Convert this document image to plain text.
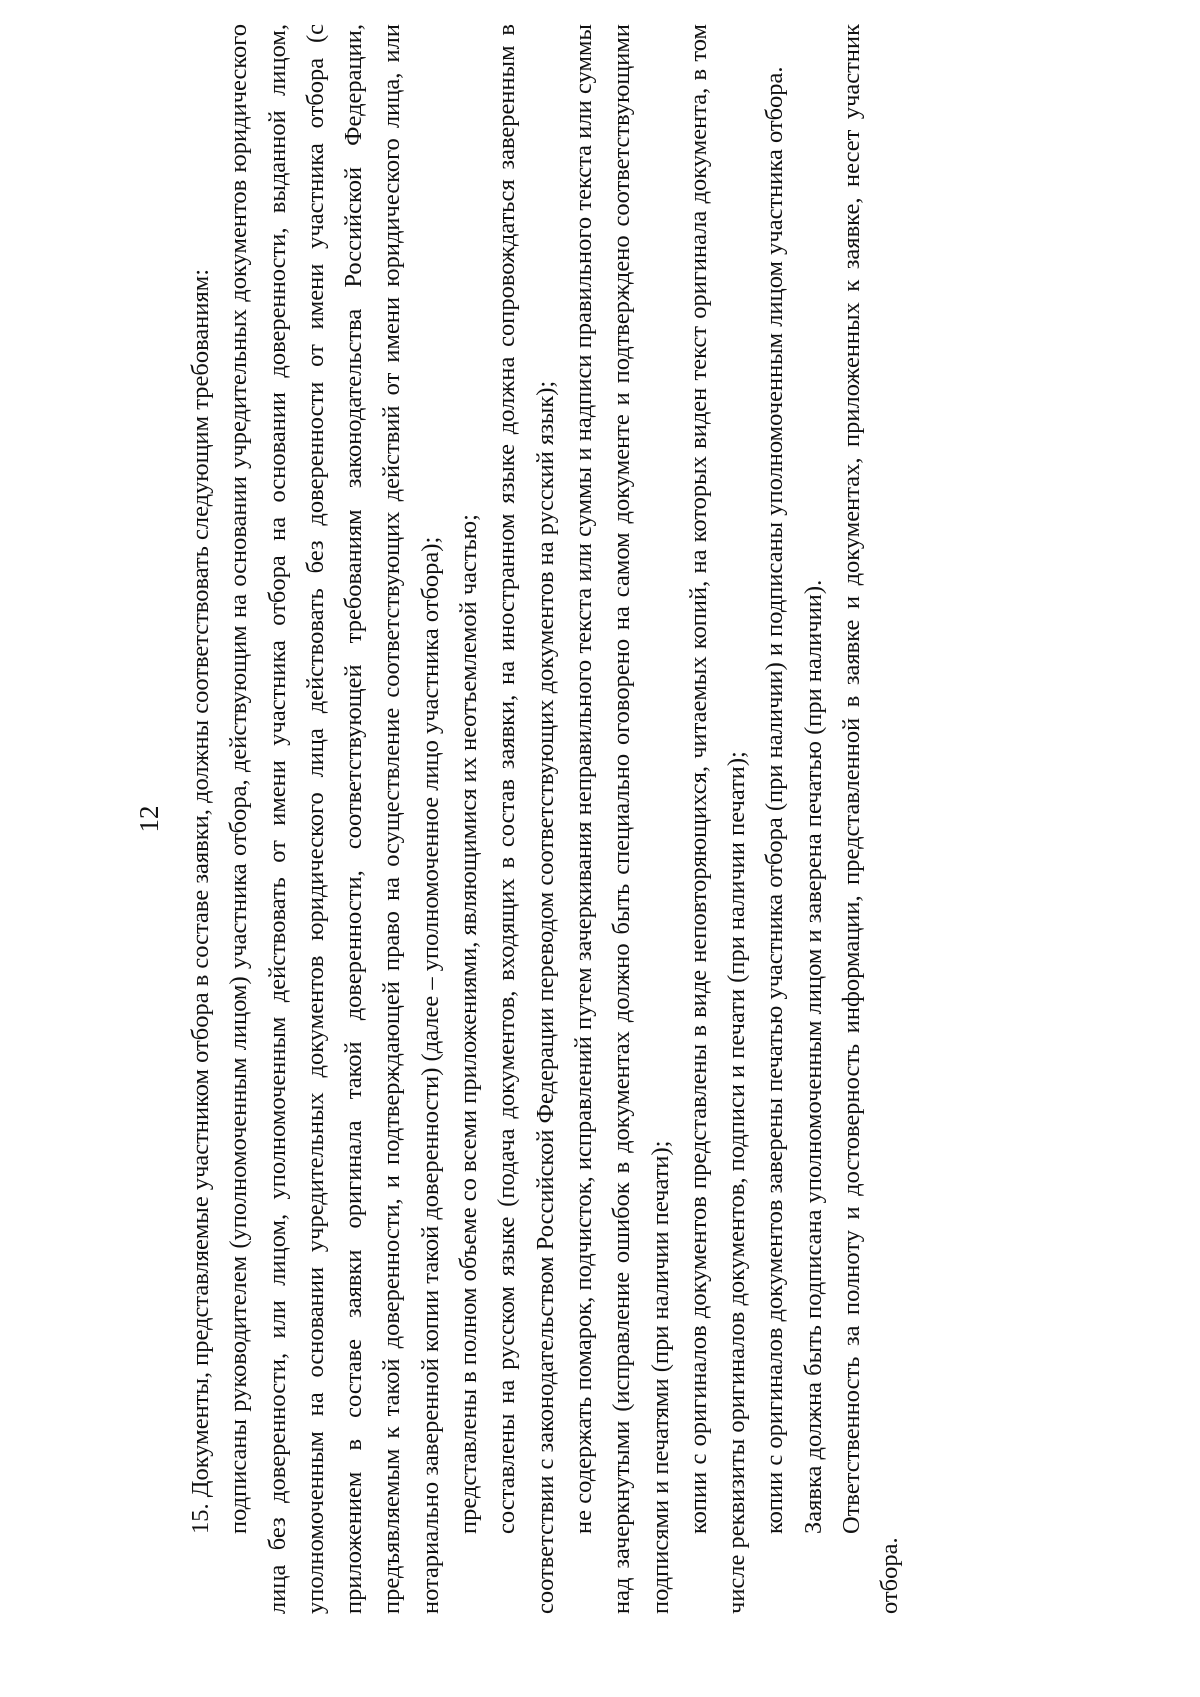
12 15. Документы, представляемые участником отбора в составе заявки, должны соответствовать следующим требованиям: подписаны руководителем (уполномоченным лицом) участника отбора, действующим на основании учредительных документов юридического лица без доверенности, или лицом, уполномоченным действовать от имени участника отбора на основании доверенности, выданной лицом, уполномоченным на основании учредительных документов юридического лица действовать без доверенности от имени участника отбора (с приложением в составе заявки оригинала такой доверенности, соответствующей требованиям законодательства Российской Федерации, предъявляемым к такой доверенности, и подтверждающей право на осуществление соответствующих действий от имени юридического лица, или нотариально заверенной копии такой доверенности) (далее – уполномоченное лицо участника отбора); представлены в полном объеме со всеми приложениями, являющимися их неотъемлемой частью; составлены на русском языке (подача документов, входящих в состав заявки, на иностранном языке должна сопровождаться заверенным в соответствии с законодательством Российской Федерации переводом соответствующих документов на русский язык); не содержать помарок, подчисток, исправлений путем зачеркивания неправильного текста или суммы и надписи правильного текста или суммы над зачеркнутыми (исправление ошибок в документах должно быть специально оговорено на самом документе и подтверждено соответствующими подписями и печатями (при наличии печати); копии с оригиналов документов представлены в виде неповторяющихся, читаемых копий, на которых виден текст оригинала документа, в том числе реквизиты оригиналов документов, подписи и печати (при наличии печати); копии с оригиналов документов заверены печатью участника отбора (при наличии) и подписаны уполномоченным лицом участника отбора. Заявка должна быть подписана уполномоченным лицом и заверена печатью (при наличии). Ответственность за полноту и достоверность информации, представленной в заявке и документах, приложенных к заявке, несет участник отбора.
